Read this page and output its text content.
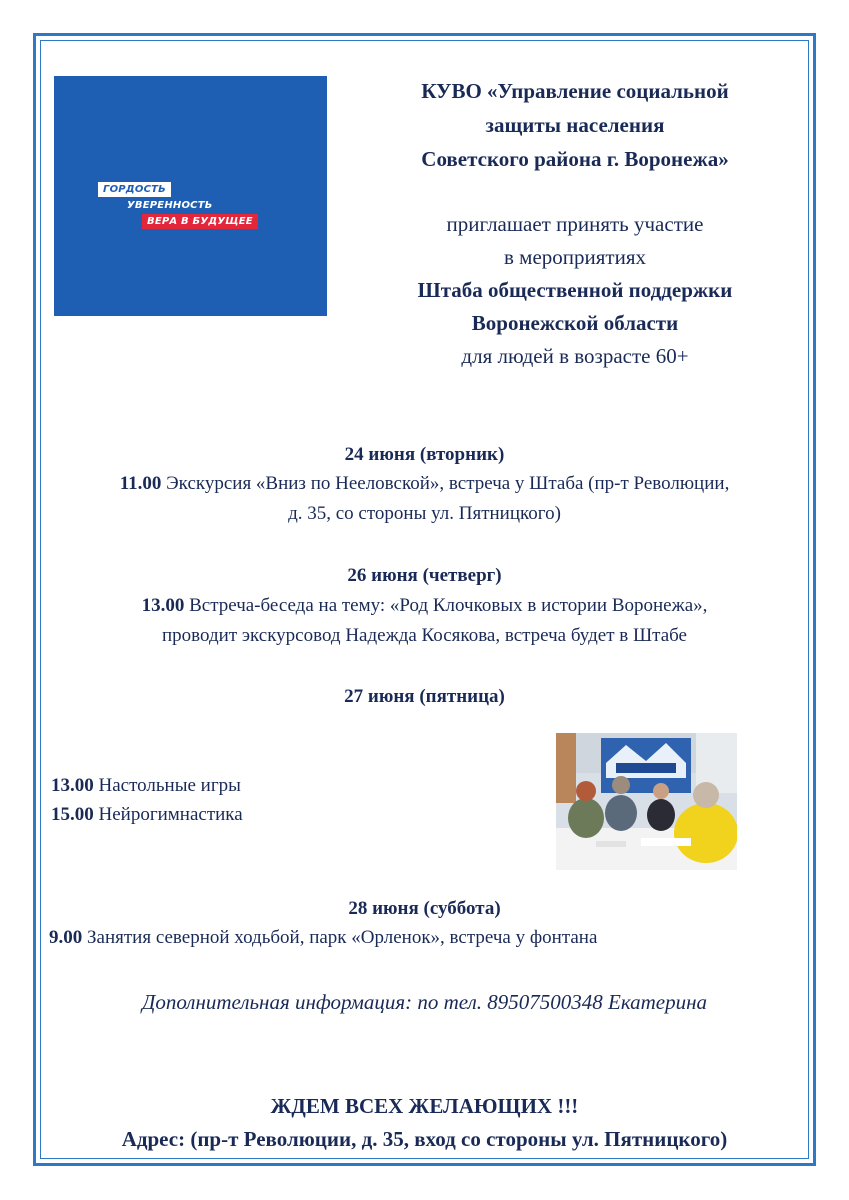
ГОРДОСТЬ
УВЕРЕННОСТЬ
ВЕРА В БУДУЩЕЕ
КУВО «Управление социальной
защиты населения
Советского района г. Воронежа»
приглашает принять участие
в мероприятиях
Штаба общественной поддержки
Воронежской области
для людей в возрасте 60+
24 июня (вторник)
11.00 Экскурсия «Вниз по Нееловской», встреча у Штаба (пр-т Революции,
д. 35, со стороны ул. Пятницкого)
26 июня (четверг)
13.00 Встреча-беседа на тему: «Род Клочковых в истории Воронежа»,
проводит экскурсовод Надежда Косякова, встреча будет в Штабе
27 июня (пятница)
13.00 Настольные игры
15.00 Нейрогимнастика
28 июня (суббота)
9.00 Занятия северной ходьбой, парк «Орленок», встреча у фонтана
Дополнительная информация: по тел. 89507500348 Екатерина
ЖДЕМ ВСЕХ ЖЕЛАЮЩИХ !!!
Адрес: (пр-т Революции, д. 35, вход со стороны ул. Пятницкого)
